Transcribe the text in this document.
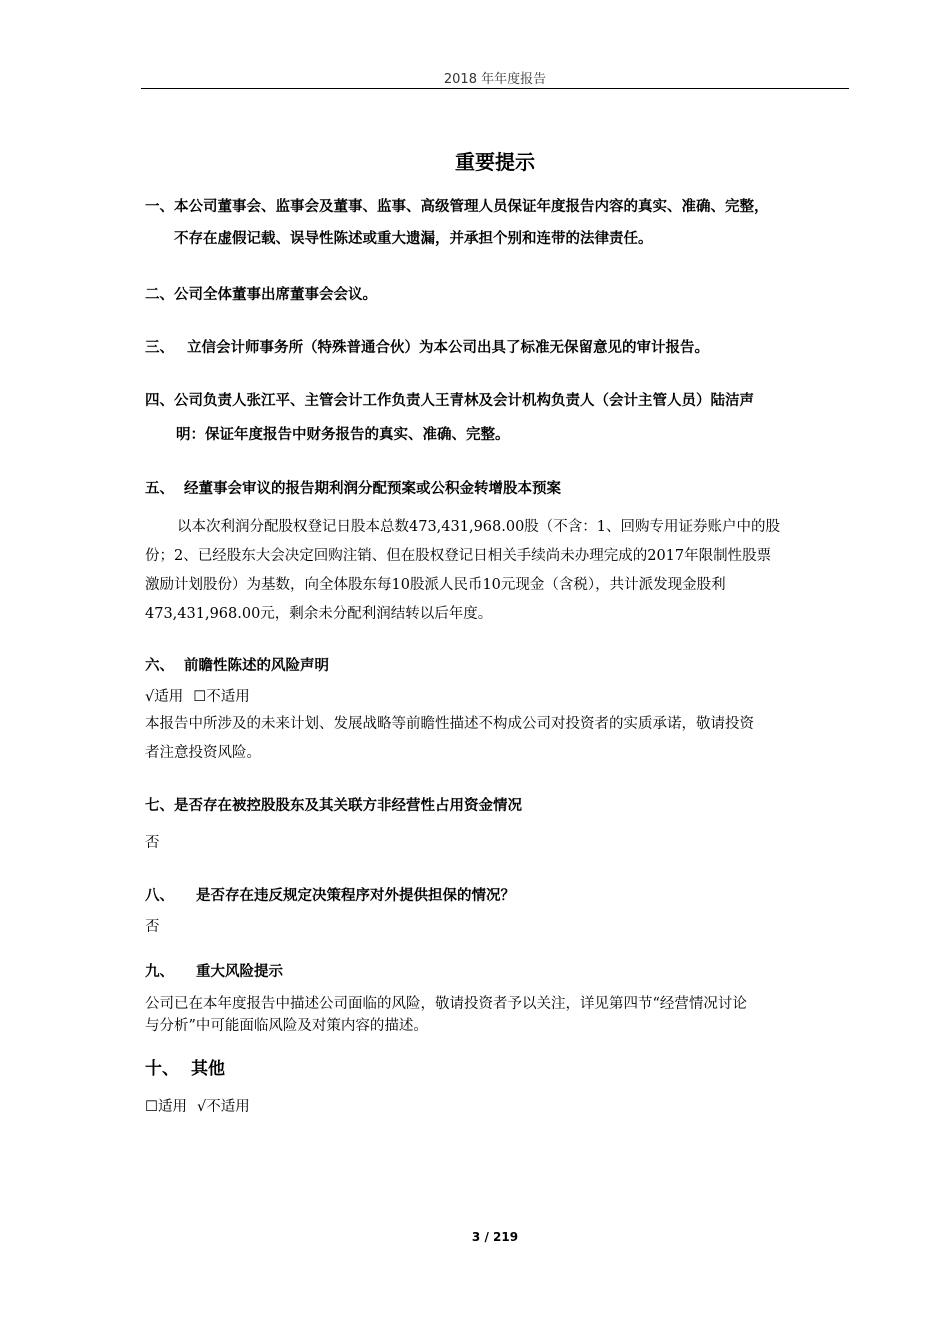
2018 年年度报告
重要提示
一、本公司董事会、监事会及董事、监事、高级管理人员保证年度报告内容的真实、准确、完整，
不存在虚假记载、误导性陈述或重大遗漏，并承担个别和连带的法律责任。
二、公司全体董事出席董事会会议。
三、 立信会计师事务所（特殊普通合伙）为本公司出具了标准无保留意见的审计报告。
四、公司负责人张江平、主管会计工作负责人王青林及会计机构负责人（会计主管人员）陆洁声
明：保证年度报告中财务报告的真实、准确、完整。
五、 经董事会审议的报告期利润分配预案或公积金转增股本预案
以本次利润分配股权登记日股本总数473,431,968.00股（不含：1、回购专用证券账户中的股
份；2、已经股东大会决定回购注销、但在股权登记日相关手续尚未办理完成的2017年限制性股票
激励计划股份）为基数，向全体股东每10股派人民币10元现金（含税），共计派发现金股利
473,431,968.00元，剩余未分配利润结转以后年度。
六、 前瞻性陈述的风险声明
√适用 ☐不适用
本报告中所涉及的未来计划、发展战略等前瞻性描述不构成公司对投资者的实质承诺，敬请投资
者注意投资风险。
七、是否存在被控股股东及其关联方非经营性占用资金情况
否
八、 是否存在违反规定决策程序对外提供担保的情况？
否
九、 重大风险提示
公司已在本年度报告中描述公司面临的风险，敬请投资者予以关注，详见第四节“经营情况讨论
与分析”中可能面临风险及对策内容的描述。
十、 其他
☐适用 √不适用
3 / 219
